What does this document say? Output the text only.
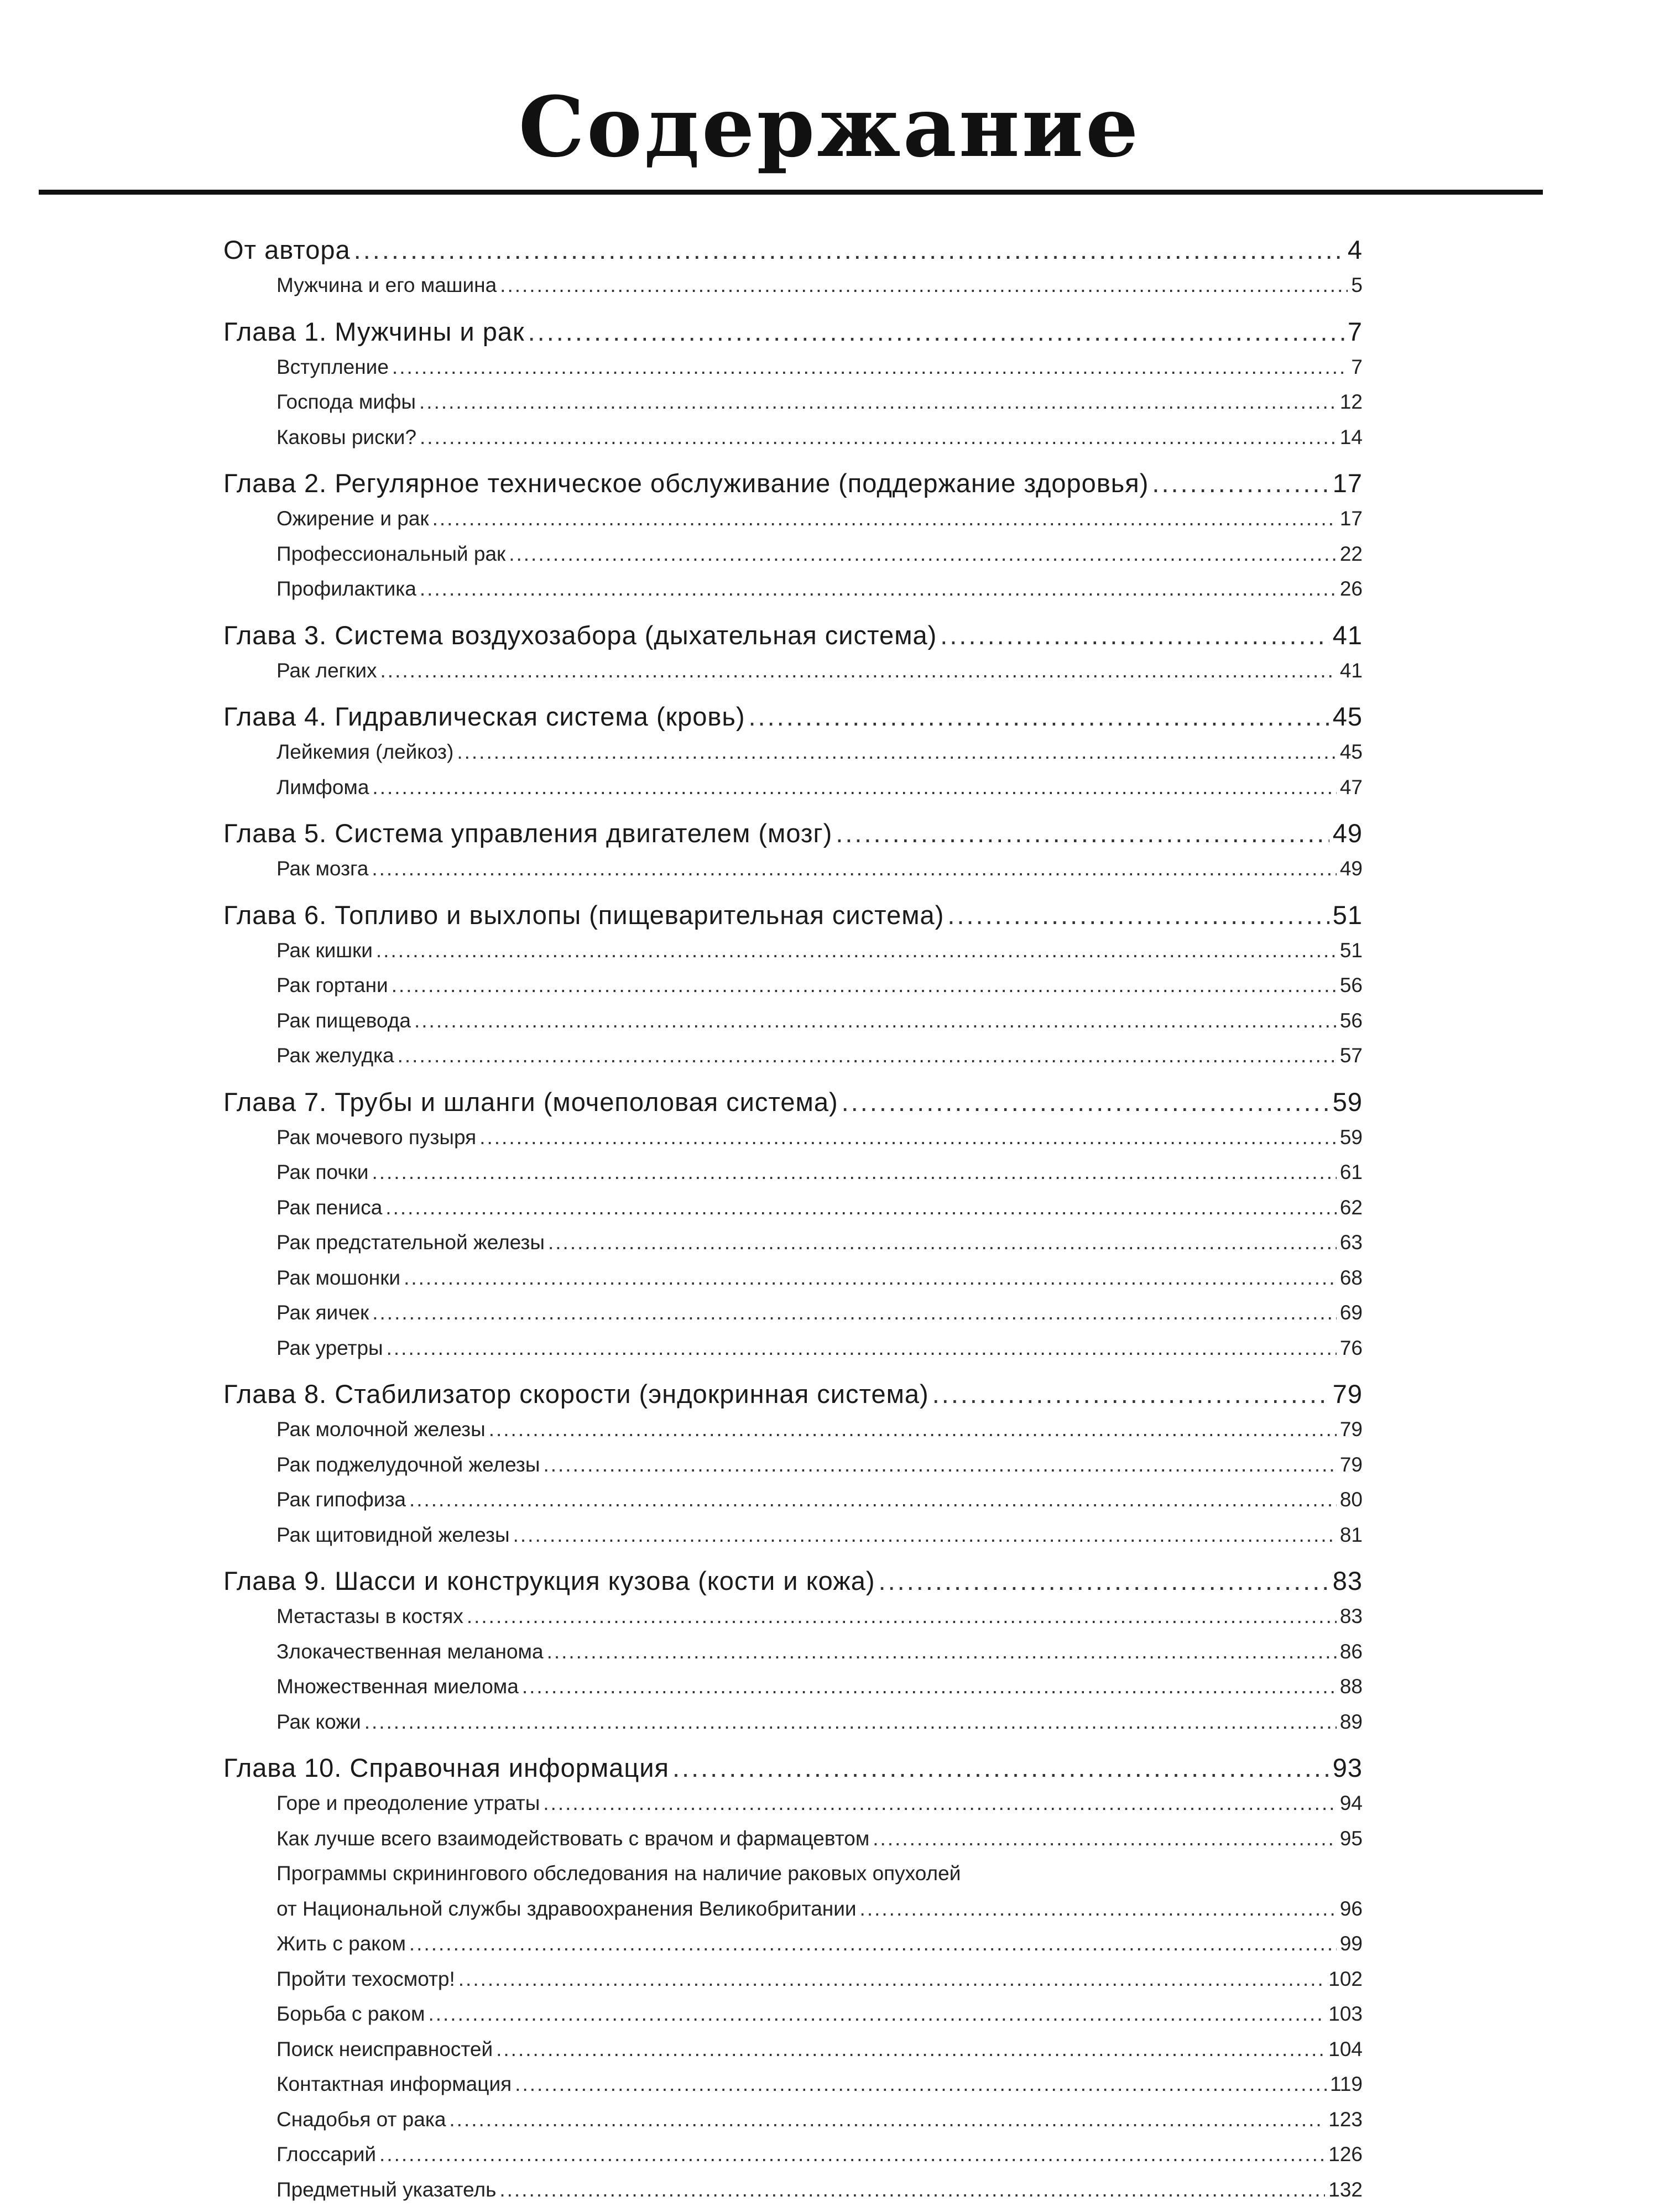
Содержание
От автора .....	4
Мужчина и его машина .....	5
Глава 1. Мужчины и рак .....	7
Вступление .....	7
Господа мифы .....	12
Каковы риски? .....	14
Глава 2. Регулярное техническое обслуживание (поддержание здоровья) .....	17
Ожирение и рак .....	17
Профессиональный рак .....	22
Профилактика .....	26
Глава 3. Система воздухозабора (дыхательная система) .....	41
Рак легких .....	41
Глава 4. Гидравлическая система (кровь) .....	45
Лейкемия (лейкоз) .....	45
Лимфома .....	47
Глава 5. Система управления двигателем (мозг) .....	49
Рак мозга .....	49
Глава 6. Топливо и выхлопы (пищеварительная система) .....	51
Рак кишки .....	51
Рак гортани .....	56
Рак пищевода .....	56
Рак желудка .....	57
Глава 7. Трубы и шланги (мочеполовая система) .....	59
Рак мочевого пузыря .....	59
Рак почки .....	61
Рак пениса .....	62
Рак предстательной железы .....	63
Рак мошонки .....	68
Рак яичек .....	69
Рак уретры .....	76
Глава 8. Стабилизатор скорости (эндокринная система) .....	79
Рак молочной железы .....	79
Рак поджелудочной железы .....	79
Рак гипофиза .....	80
Рак щитовидной железы .....	81
Глава 9. Шасси и конструкция кузова (кости и кожа) .....	83
Метастазы в костях .....	83
Злокачественная меланома .....	86
Множественная миелома .....	88
Рак кожи .....	89
Глава 10. Справочная информация .....	93
Горе и преодоление утраты .....	94
Как лучше всего взаимодействовать с врачом и фармацевтом .....	95
Программы скринингового обследования на наличие раковых опухолей
от Национальной службы здравоохранения Великобритании .....	96
Жить с раком .....	99
Пройти техосмотр! .....	102
Борьба с раком .....	103
Поиск неисправностей .....	104
Контактная информация .....	119
Снадобья от рака .....	123
Глоссарий .....	126
Предметный указатель .....	132
